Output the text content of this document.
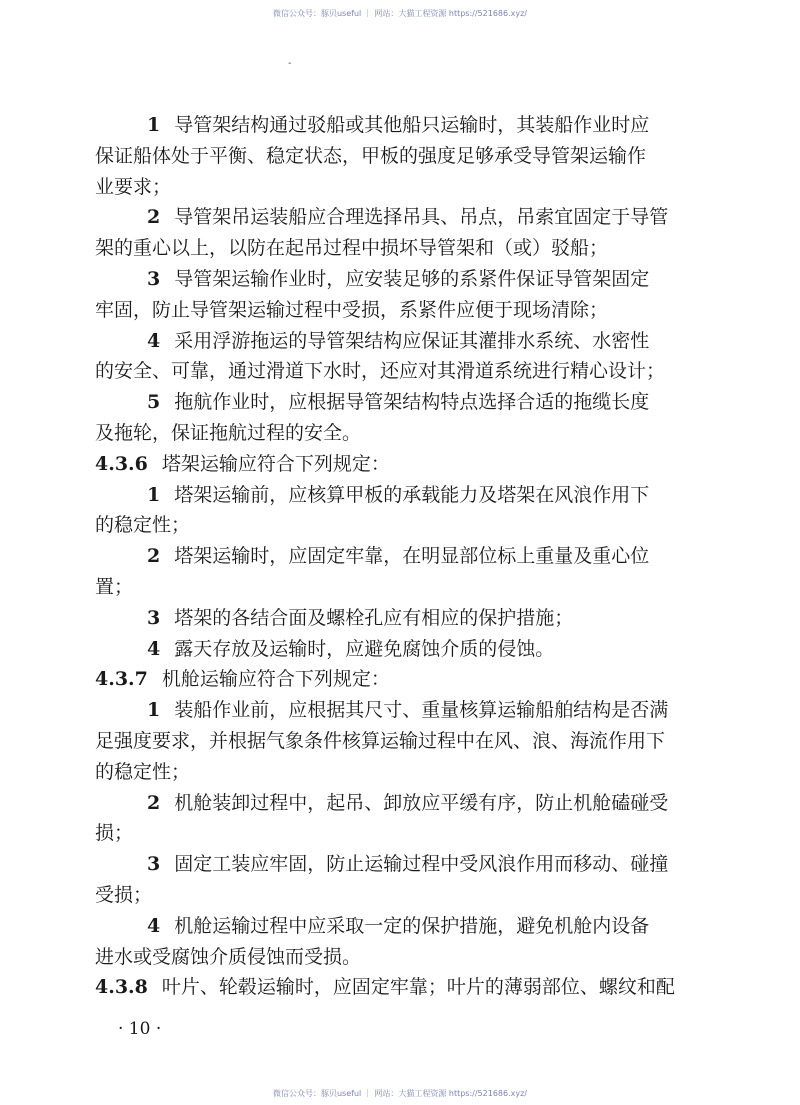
微信公众号：豚贝useful ｜ 网站：大猫工程资源 https://521686.xyz/
-
1 导管架结构通过驳船或其他船只运输时，其装船作业时应
保证船体处于平衡、稳定状态，甲板的强度足够承受导管架运输作
业要求；
2 导管架吊运装船应合理选择吊具、吊点，吊索宜固定于导管
架的重心以上，以防在起吊过程中损坏导管架和（或）驳船；
3 导管架运输作业时，应安装足够的系紧件保证导管架固定
牢固，防止导管架运输过程中受损，系紧件应便于现场清除；
4 采用浮游拖运的导管架结构应保证其灌排水系统、水密性
的安全、可靠，通过滑道下水时，还应对其滑道系统进行精心设计；
5 拖航作业时，应根据导管架结构特点选择合适的拖缆长度
及拖轮，保证拖航过程的安全。
4.3.6 塔架运输应符合下列规定：
1 塔架运输前，应核算甲板的承载能力及塔架在风浪作用下
的稳定性；
2 塔架运输时，应固定牢靠，在明显部位标上重量及重心位
置；
3 塔架的各结合面及螺栓孔应有相应的保护措施；
4 露天存放及运输时，应避免腐蚀介质的侵蚀。
4.3.7 机舱运输应符合下列规定：
1 装船作业前，应根据其尺寸、重量核算运输船舶结构是否满
足强度要求，并根据气象条件核算运输过程中在风、浪、海流作用下
的稳定性；
2 机舱装卸过程中，起吊、卸放应平缓有序，防止机舱磕碰受
损；
3 固定工装应牢固，防止运输过程中受风浪作用而移动、碰撞
受损；
4 机舱运输过程中应采取一定的保护措施，避免机舱内设备
进水或受腐蚀介质侵蚀而受损。
4.3.8 叶片、轮毂运输时，应固定牢靠；叶片的薄弱部位、螺纹和配
· 10 ·
微信公众号：豚贝useful ｜ 网站：大猫工程资源 https://521686.xyz/
